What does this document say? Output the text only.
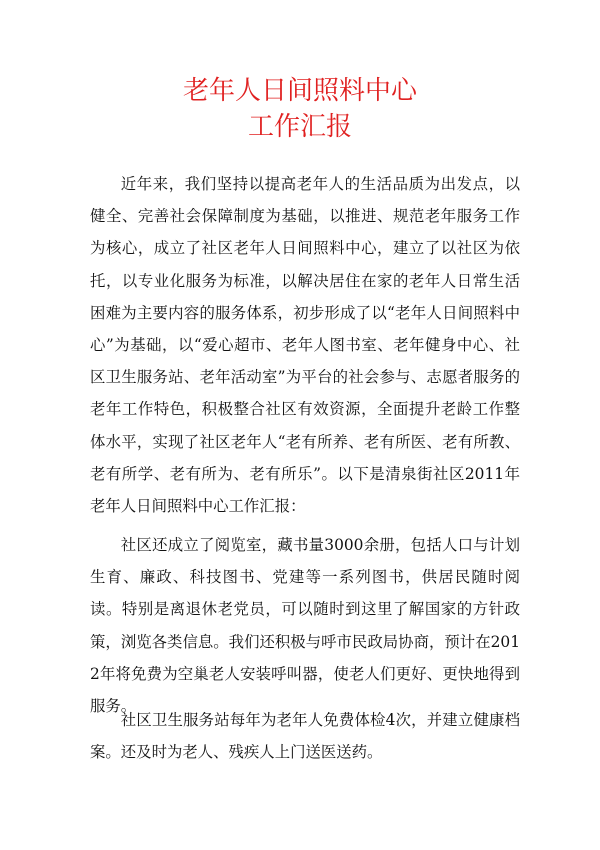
老年人日间照料中心
工作汇报

近年来，我们坚持以提高老年人的生活品质为出发点，以健全、完善社会保障制度为基础，以推进、规范老年服务工作为核心，成立了社区老年人日间照料中心，建立了以社区为依托，以专业化服务为标准，以解决居住在家的老年人日常生活困难为主要内容的服务体系，初步形成了以“老年人日间照料中心”为基础，以“爱心超市、老年人图书室、老年健身中心、社区卫生服务站、老年活动室”为平台的社会参与、志愿者服务的老年工作特色，积极整合社区有效资源，全面提升老龄工作整体水平，实现了社区老年人“老有所养、老有所医、老有所教、老有所学、老有所为、老有所乐”。以下是清泉街社区2011年老年人日间照料中心工作汇报：

社区还成立了阅览室，藏书量3000余册，包括人口与计划生育、廉政、科技图书、党建等一系列图书，供居民随时阅读。特别是离退休老党员，可以随时到这里了解国家的方针政策，浏览各类信息。我们还积极与呼市民政局协商，预计在2012年将免费为空巢老人安装呼叫器，使老人们更好、更快地得到服务。

社区卫生服务站每年为老年人免费体检4次，并建立健康档案。还及时为老人、残疾人上门送医送药。
